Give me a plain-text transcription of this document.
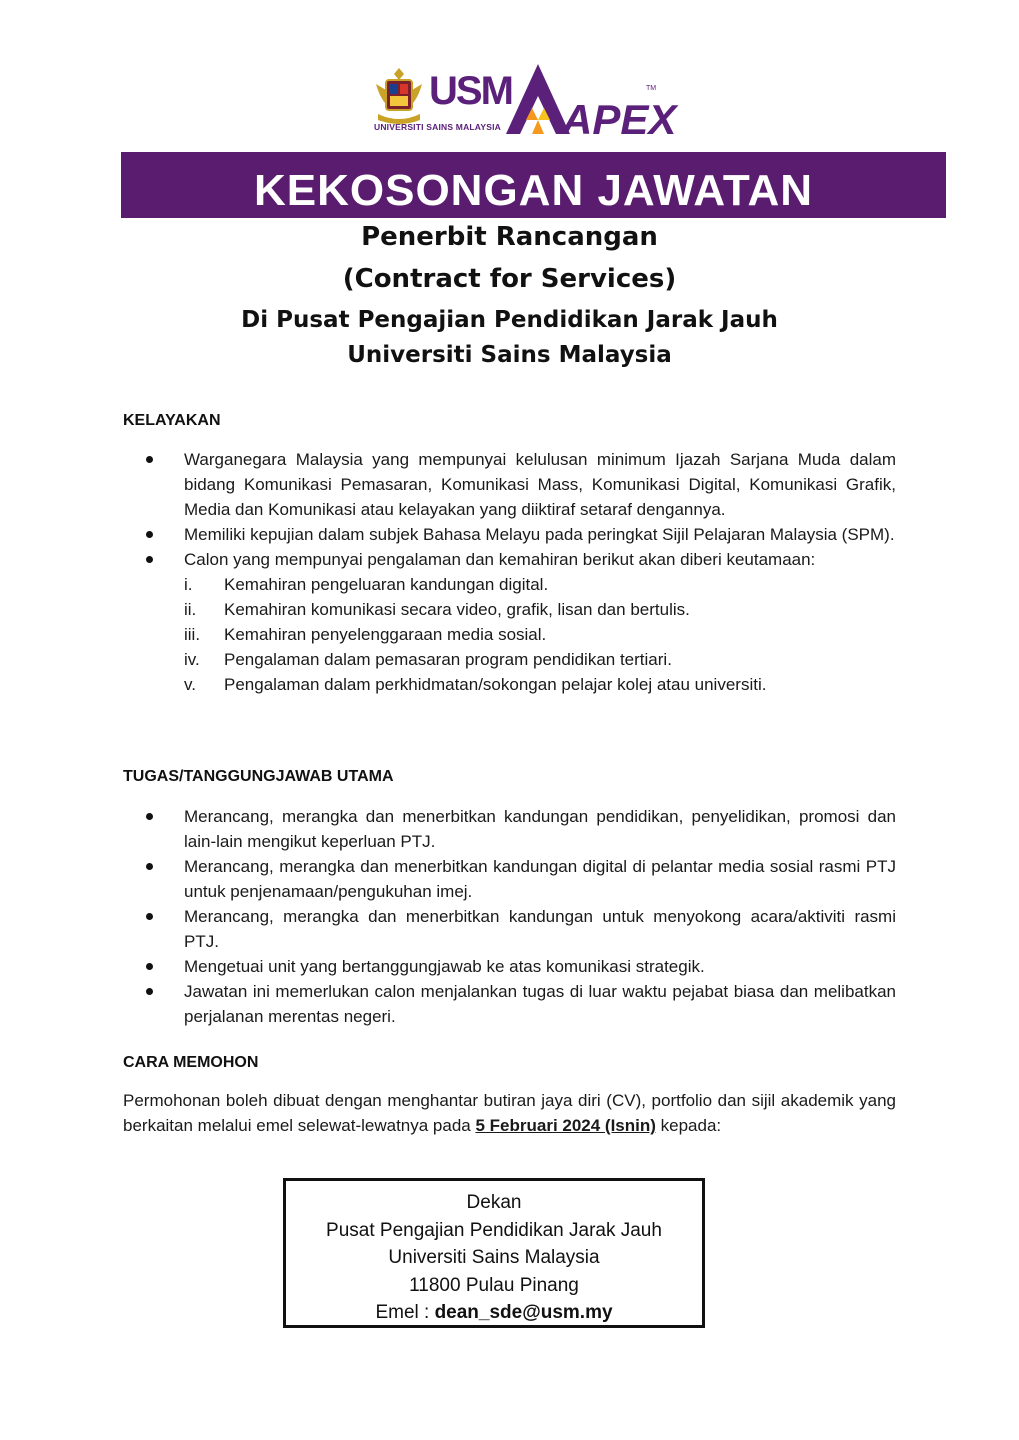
USM
UNIVERSITI SAINS MALAYSIA APEX
TM
KEKOSONGAN JAWATAN
Penerbit Rancangan
(Contract for Services)
Di Pusat Pengajian Pendidikan Jarak Jauh
Universiti Sains Malaysia
KELAYAKAN
Warganegara Malaysia yang mempunyai kelulusan minimum Ijazah Sarjana Muda dalam bidang Komunikasi Pemasaran, Komunikasi Mass, Komunikasi Digital, Komunikasi Grafik, Media dan Komunikasi atau kelayakan yang diiktiraf setaraf dengannya.
Memiliki kepujian dalam subjek Bahasa Melayu pada peringkat Sijil Pelajaran Malaysia (SPM).
Calon yang mempunyai pengalaman dan kemahiran berikut akan diberi keutamaan:
i. Kemahiran pengeluaran kandungan digital.
ii. Kemahiran komunikasi secara video, grafik, lisan dan bertulis.
iii. Kemahiran penyelenggaraan media sosial.
iv. Pengalaman dalam pemasaran program pendidikan tertiari.
v. Pengalaman dalam perkhidmatan/sokongan pelajar kolej atau universiti.
TUGAS/TANGGUNGJAWAB UTAMA
Merancang, merangka dan menerbitkan kandungan pendidikan, penyelidikan, promosi dan lain-lain mengikut keperluan PTJ.
Merancang, merangka dan menerbitkan kandungan digital di pelantar media sosial rasmi PTJ untuk penjenamaan/pengukuhan imej.
Merancang, merangka dan menerbitkan kandungan untuk menyokong acara/aktiviti rasmi PTJ.
Mengetuai unit yang bertanggungjawab ke atas komunikasi strategik.
Jawatan ini memerlukan calon menjalankan tugas di luar waktu pejabat biasa dan melibatkan perjalanan merentas negeri.
CARA MEMOHON
Permohonan boleh dibuat dengan menghantar butiran jaya diri (CV), portfolio dan sijil akademik yang berkaitan melalui emel selewat-lewatnya pada 5 Februari 2024 (Isnin) kepada:
Dekan
Pusat Pengajian Pendidikan Jarak Jauh
Universiti Sains Malaysia
11800 Pulau Pinang
Emel : dean_sde@usm.my
